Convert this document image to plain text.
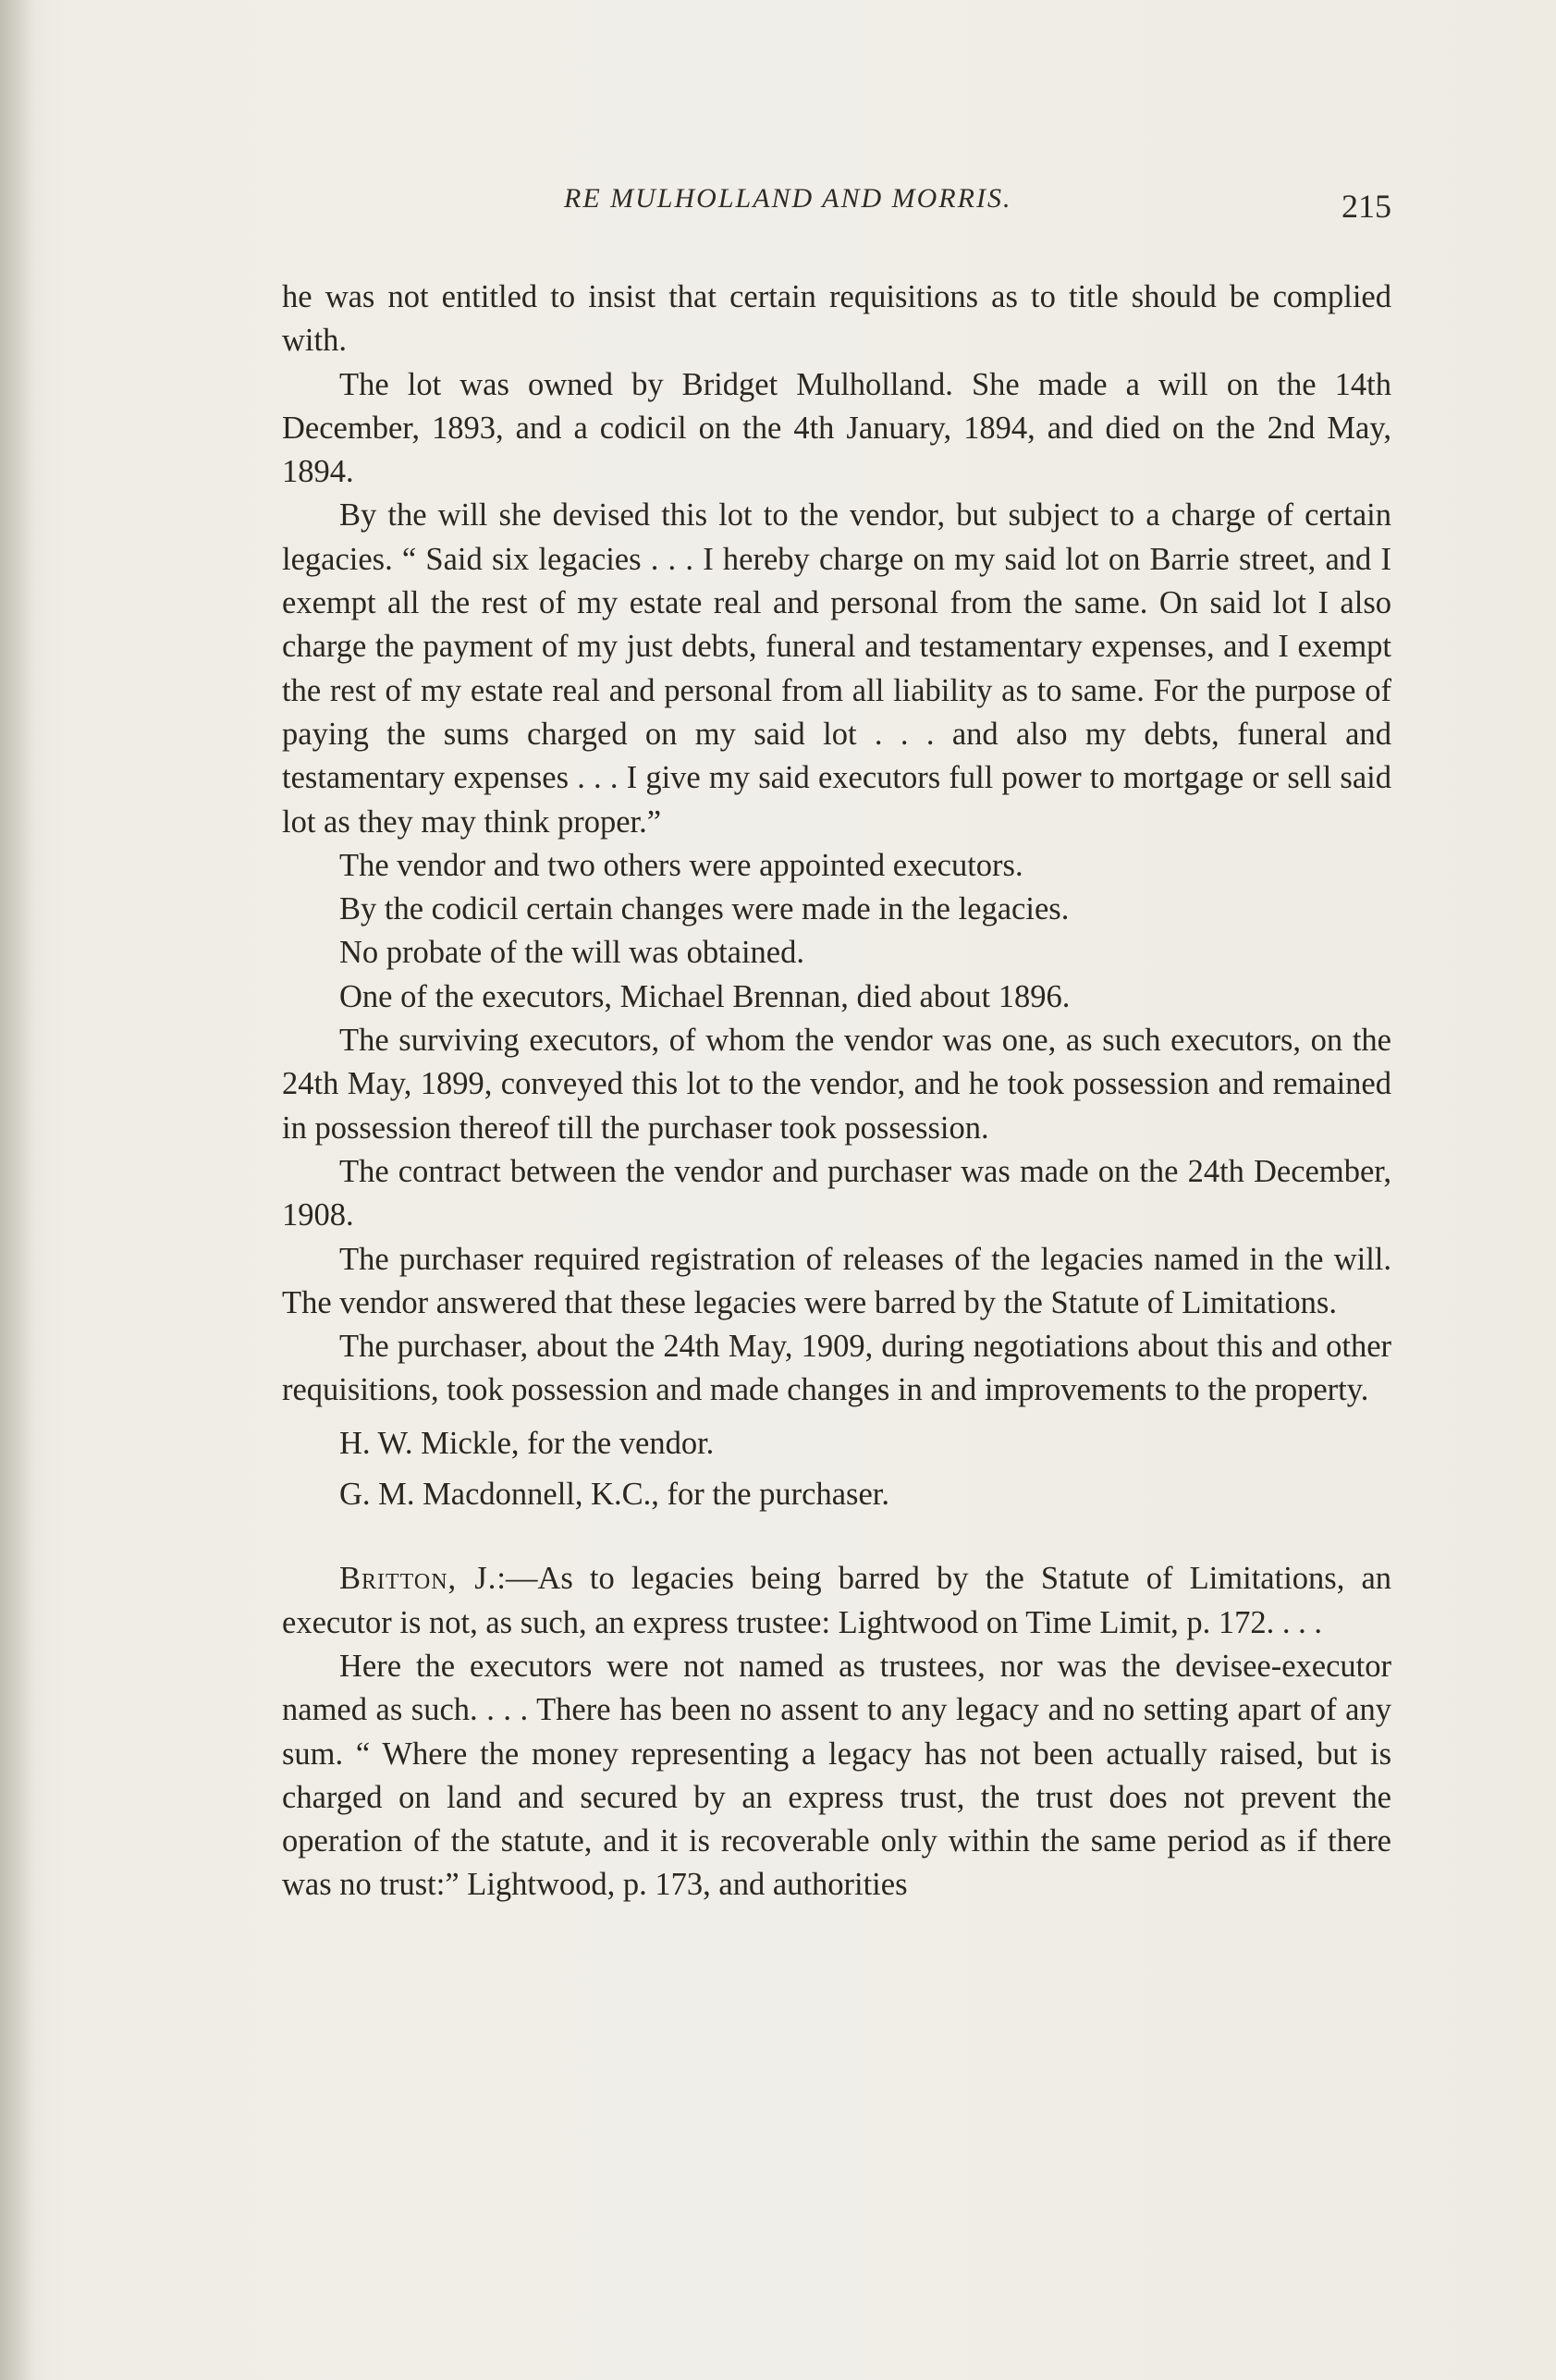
RE MULHOLLAND AND MORRIS.	215

he was not entitled to insist that certain requisitions as to title should be complied with.

The lot was owned by Bridget Mulholland. She made a will on the 14th December, 1893, and a codicil on the 4th January, 1894, and died on the 2nd May, 1894.

By the will she devised this lot to the vendor, but subject to a charge of certain legacies. “ Said six legacies . . . I hereby charge on my said lot on Barrie street, and I exempt all the rest of my estate real and personal from the same. On said lot I also charge the payment of my just debts, funeral and testamentary expenses, and I exempt the rest of my estate real and personal from all liability as to same. For the purpose of paying the sums charged on my said lot . . . and also my debts, funeral and testamentary expenses . . . I give my said executors full power to mortgage or sell said lot as they may think proper.”

The vendor and two others were appointed executors.

By the codicil certain changes were made in the legacies.

No probate of the will was obtained.

One of the executors, Michael Brennan, died about 1896.

The surviving executors, of whom the vendor was one, as such executors, on the 24th May, 1899, conveyed this lot to the vendor, and he took possession and remained in possession thereof till the purchaser took possession.

The contract between the vendor and purchaser was made on the 24th December, 1908.

The purchaser required registration of releases of the legacies named in the will. The vendor answered that these legacies were barred by the Statute of Limitations.

The purchaser, about the 24th May, 1909, during negotiations about this and other requisitions, took possession and made changes in and improvements to the property.

H. W. Mickle, for the vendor.

G. M. Macdonnell, K.C., for the purchaser.

Britton, J.:—As to legacies being barred by the Statute of Limitations, an executor is not, as such, an express trustee: Lightwood on Time Limit, p. 172. . . .

Here the executors were not named as trustees, nor was the devisee-executor named as such. . . . There has been no assent to any legacy and no setting apart of any sum. “ Where the money representing a legacy has not been actually raised, but is charged on land and secured by an express trust, the trust does not prevent the operation of the statute, and it is recoverable only within the same period as if there was no trust:” Lightwood, p. 173, and authorities
